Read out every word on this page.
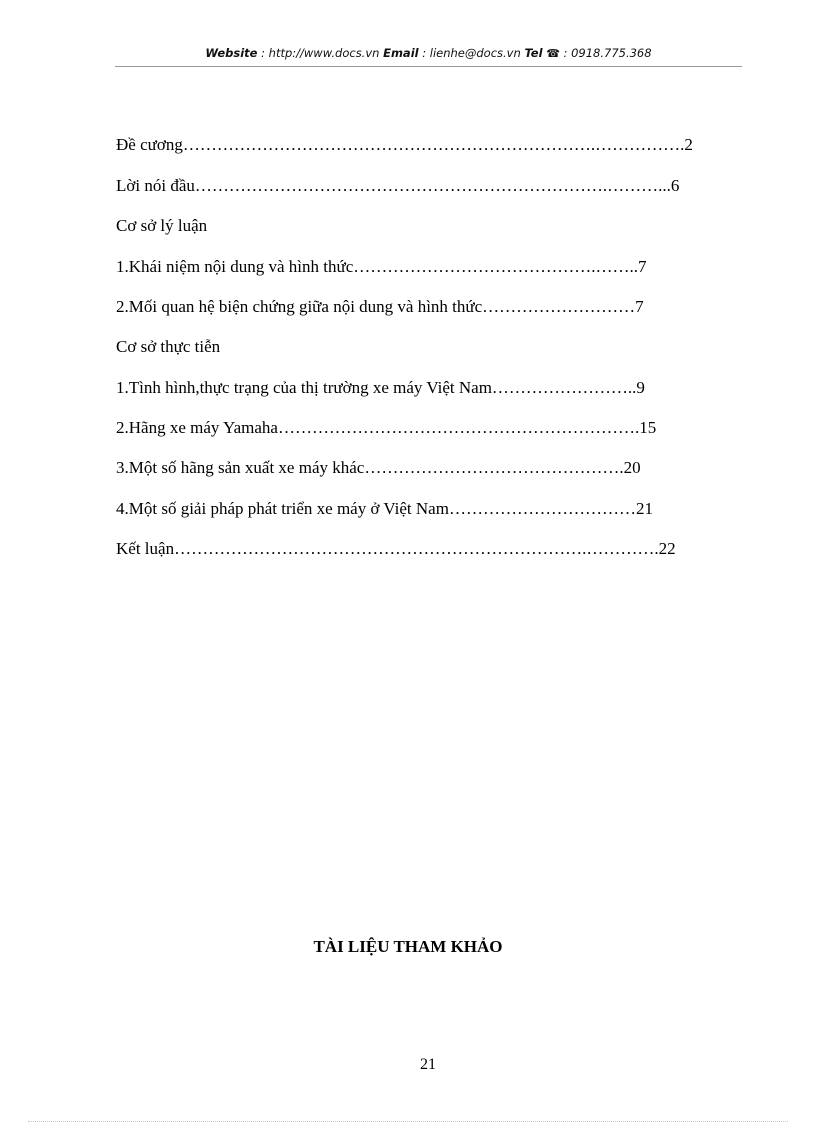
Website : http://www.docs.vn Email : lienhe@docs.vn Tel ☎ : 0918.775.368
Đề cương……………………………………………………………….…………….2
Lời nói đầu……………………………………………………………….………...6
Cơ sở lý luận
1.Khái niệm nội dung và hình thức…………………………………….……..7
2.Mối quan hệ biện chứng giữa nội dung và hình thức………………………7
Cơ sở thực tiễn
1.Tình hình,thực trạng của thị trường xe máy Việt Nam……………………..9
2.Hãng xe máy Yamaha……………………………………………………….15
3.Một số hãng sản xuất xe máy khác……………………………………….20
4.Một số giải pháp phát triển xe máy ở Việt Nam……………………………21
Kết luận……………………………………………………………….………….22
TÀI LIỆU THAM KHẢO
21
